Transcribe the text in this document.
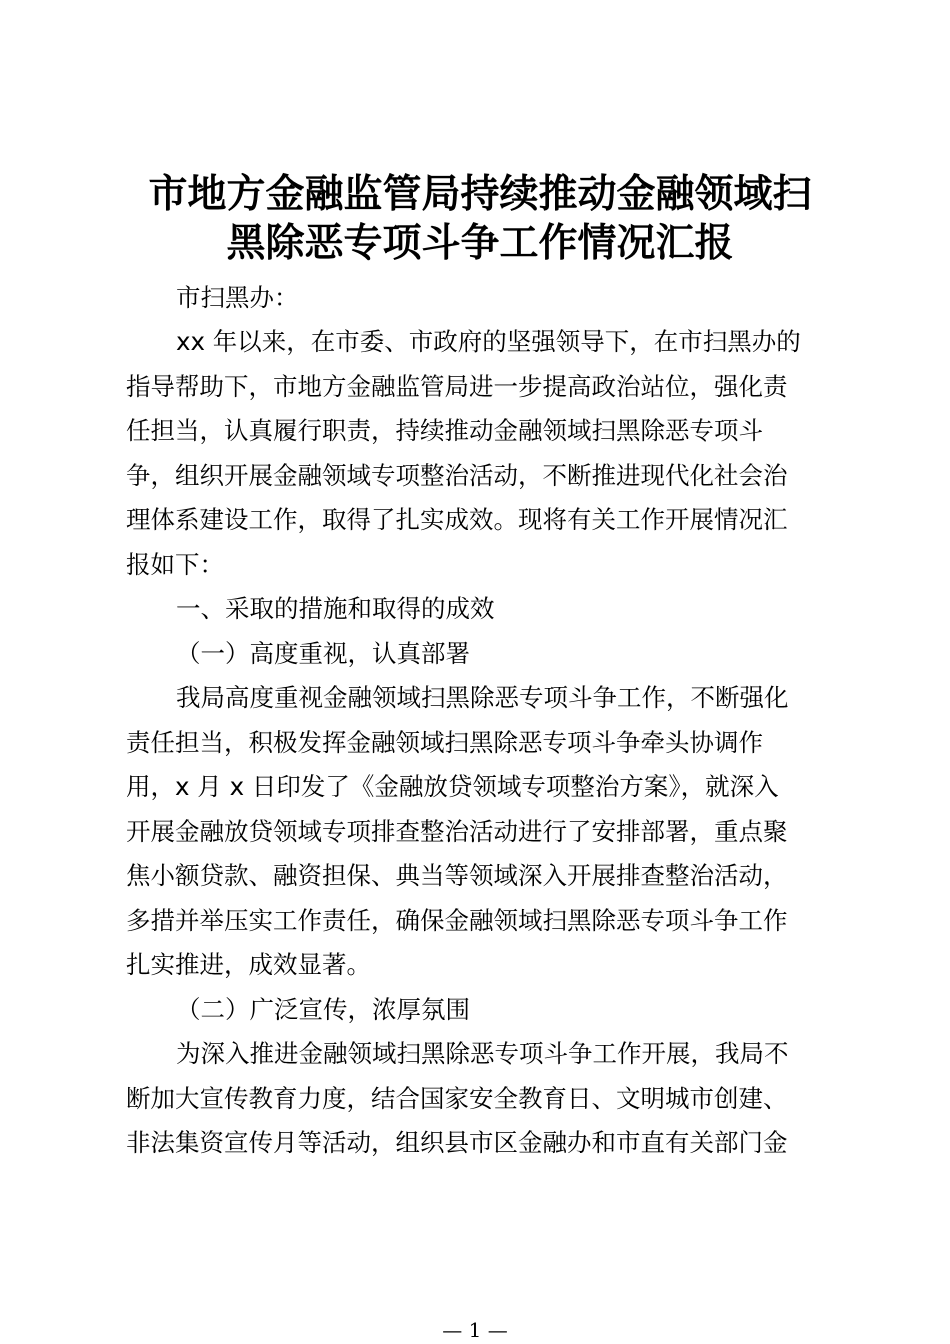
市地方金融监管局持续推动金融领域扫
黑除恶专项斗争工作情况汇报
市扫黑办：
xx 年以来，在市委、市政府的坚强领导下，在市扫黑办的
指导帮助下，市地方金融监管局进一步提高政治站位，强化责
任担当，认真履行职责，持续推动金融领域扫黑除恶专项斗
争，组织开展金融领域专项整治活动，不断推进现代化社会治
理体系建设工作，取得了扎实成效。现将有关工作开展情况汇
报如下：
一、采取的措施和取得的成效
（一）高度重视，认真部署
我局高度重视金融领域扫黑除恶专项斗争工作，不断强化
责任担当，积极发挥金融领域扫黑除恶专项斗争牵头协调作
用，x 月 x 日印发了《金融放贷领域专项整治方案》，就深入
开展金融放贷领域专项排查整治活动进行了安排部署，重点聚
焦小额贷款、融资担保、典当等领域深入开展排查整治活动，
多措并举压实工作责任，确保金融领域扫黑除恶专项斗争工作
扎实推进，成效显著。
（二）广泛宣传，浓厚氛围
为深入推进金融领域扫黑除恶专项斗争工作开展，我局不
断加大宣传教育力度，结合国家安全教育日、文明城市创建、
非法集资宣传月等活动，组织县市区金融办和市直有关部门金
— 1 —
